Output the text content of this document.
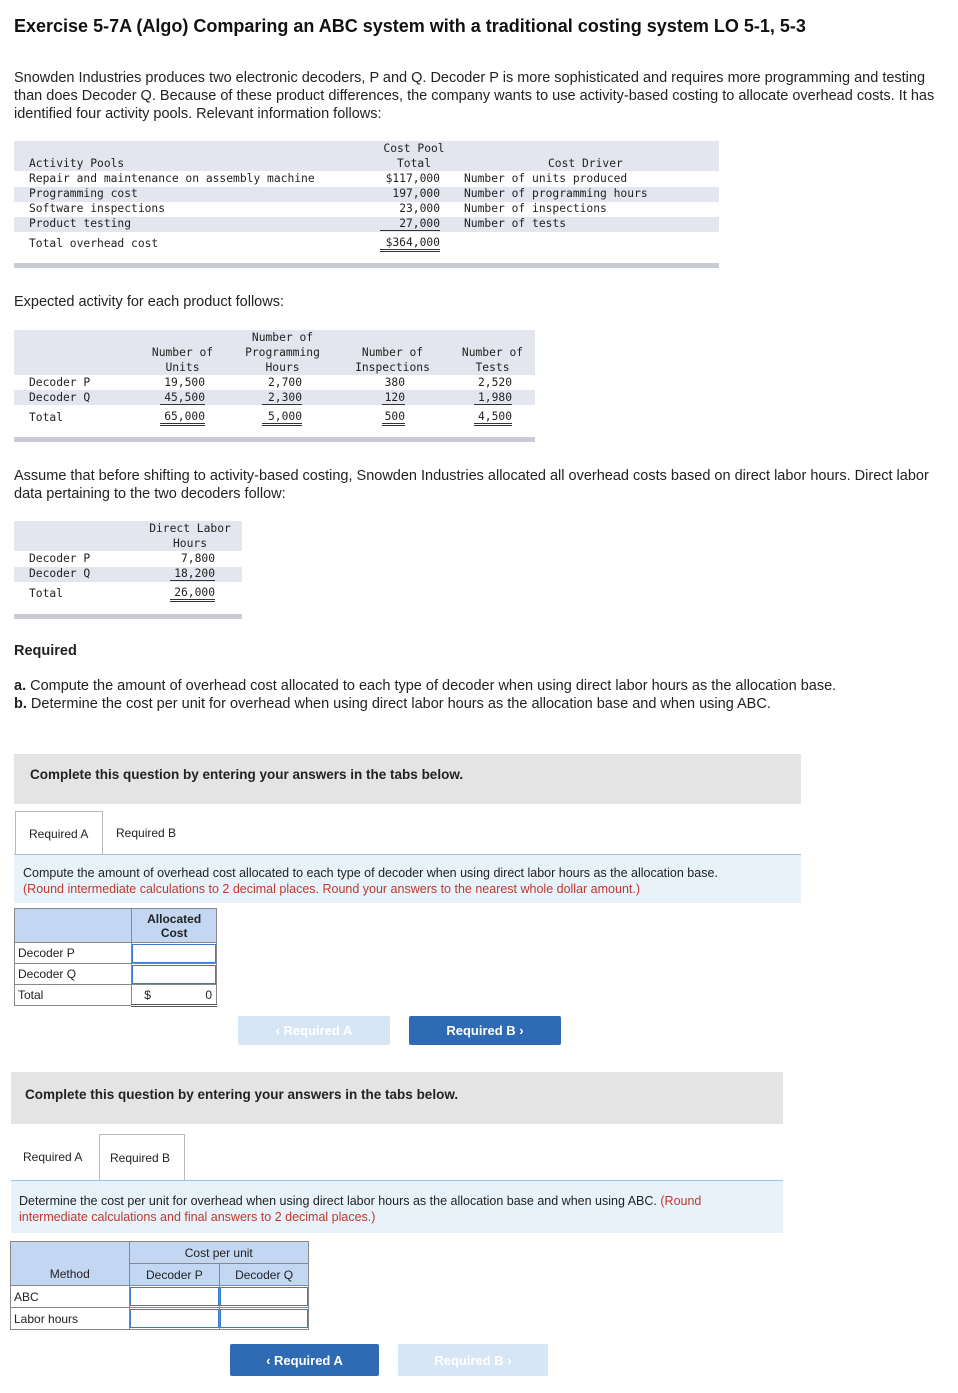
Exercise 5-7A (Algo) Comparing an ABC system with a traditional costing system LO 5-1, 5-3
Snowden Industries produces two electronic decoders, P and Q. Decoder P is more sophisticated and requires more programming and testing than does Decoder Q. Because of these product differences, the company wants to use activity-based costing to allocate overhead costs. It has identified four activity pools. Relevant information follows:
Activity Pools
Cost Pool
Total	Cost Driver
Repair and maintenance on assembly machine	$117,000 Number of units produced
Programming cost	197,000 Number of programming hours
Software inspections	23,000 Number of inspections
Product testing	27,000 Number of tests
Total overhead cost	$364,000
Expected activity for each product follows:
Number of
Units
Number of
Programming
Hours
Number of
Inspections
Number of
Tests
Decoder P	19,500	2,700	380	2,520
Decoder Q	45,500	2,300	120	1,980
Total	65,000	5,000	500	4,500
Assume that before shifting to activity-based costing, Snowden Industries allocated all overhead costs based on direct labor hours. Direct labor data pertaining to the two decoders follow:
Direct Labor
Hours
Decoder P	7,800
Decoder Q	18,200
Total	26,000
Required
a. Compute the amount of overhead cost allocated to each type of decoder when using direct labor hours as the allocation base.
b. Determine the cost per unit for overhead when using direct labor hours as the allocation base and when using ABC.
Complete this question by entering your answers in the tabs below.
Required A Required B
Compute the amount of overhead cost allocated to each type of decoder when using direct labor hours as the allocation base.
(Round intermediate calculations to 2 decimal places. Round your answers to the nearest whole dollar amount.)
	Allocated
Cost
Decoder P	

Decoder Q	

Total	$ 0
‹ Required A	Required B ›
Complete this question by entering your answers in the tabs below.
Required A Required B
Determine the cost per unit for overhead when using direct labor hours as the allocation base and when using ABC. (Round intermediate calculations and final answers to 2 decimal places.)
Method	Cost per unit	
	Decoder P	Decoder Q
ABC	

Labor hours	

‹ Required A	Required B ›
